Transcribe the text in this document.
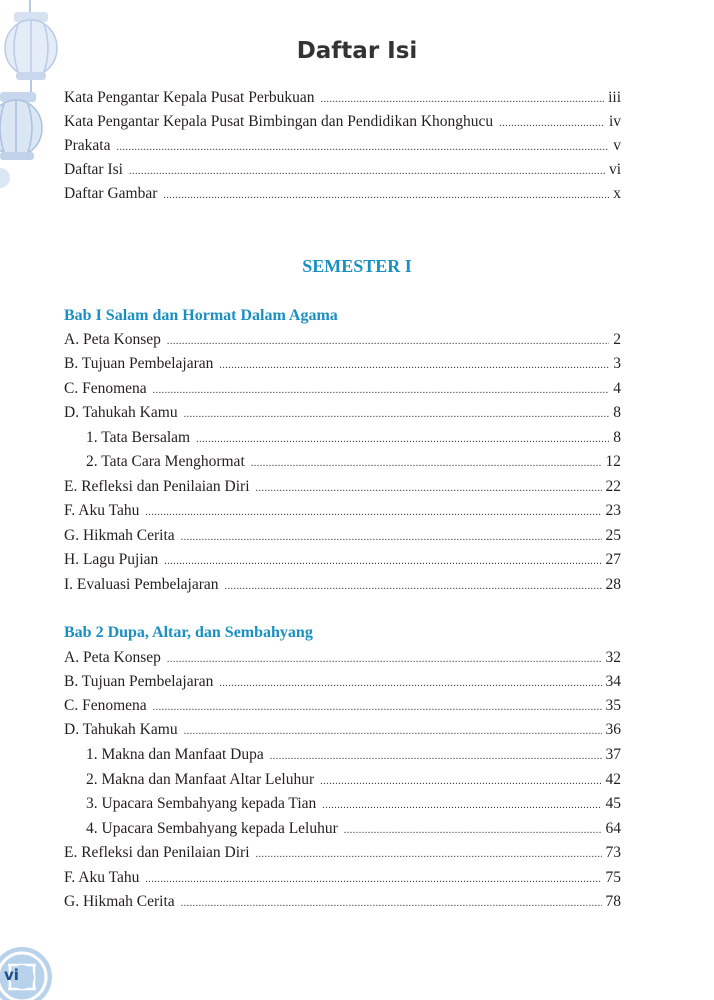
Daftar Isi
Kata Pengantar Kepala Pusat Perbukuan .....	iii
Kata Pengantar Kepala Pusat Bimbingan dan Pendidikan Khonghucu .....	iv
Prakata .....	v
Daftar Isi .....	vi
Daftar Gambar .....	x
SEMESTER I
Bab I Salam dan Hormat Dalam Agama
A. Peta Konsep .....	2
B. Tujuan Pembelajaran .....	3
C. Fenomena .....	4
D. Tahukah Kamu .....	8
1. Tata Bersalam .....	8
2. Tata Cara Menghormat .....	12
E. Refleksi dan Penilaian Diri .....	22
F. Aku Tahu .....	23
G. Hikmah Cerita .....	25
H. Lagu Pujian .....	27
I. Evaluasi Pembelajaran .....	28
Bab 2 Dupa, Altar, dan Sembahyang
A. Peta Konsep .....	32
B. Tujuan Pembelajaran .....	34
C. Fenomena .....	35
D. Tahukah Kamu .....	36
1. Makna dan Manfaat Dupa .....	37
2. Makna dan Manfaat Altar Leluhur .....	42
3. Upacara Sembahyang kepada Tian .....	45
4. Upacara Sembahyang kepada Leluhur .....	64
E. Refleksi dan Penilaian Diri .....	73
F. Aku Tahu .....	75
G. Hikmah Cerita .....	78
vi
